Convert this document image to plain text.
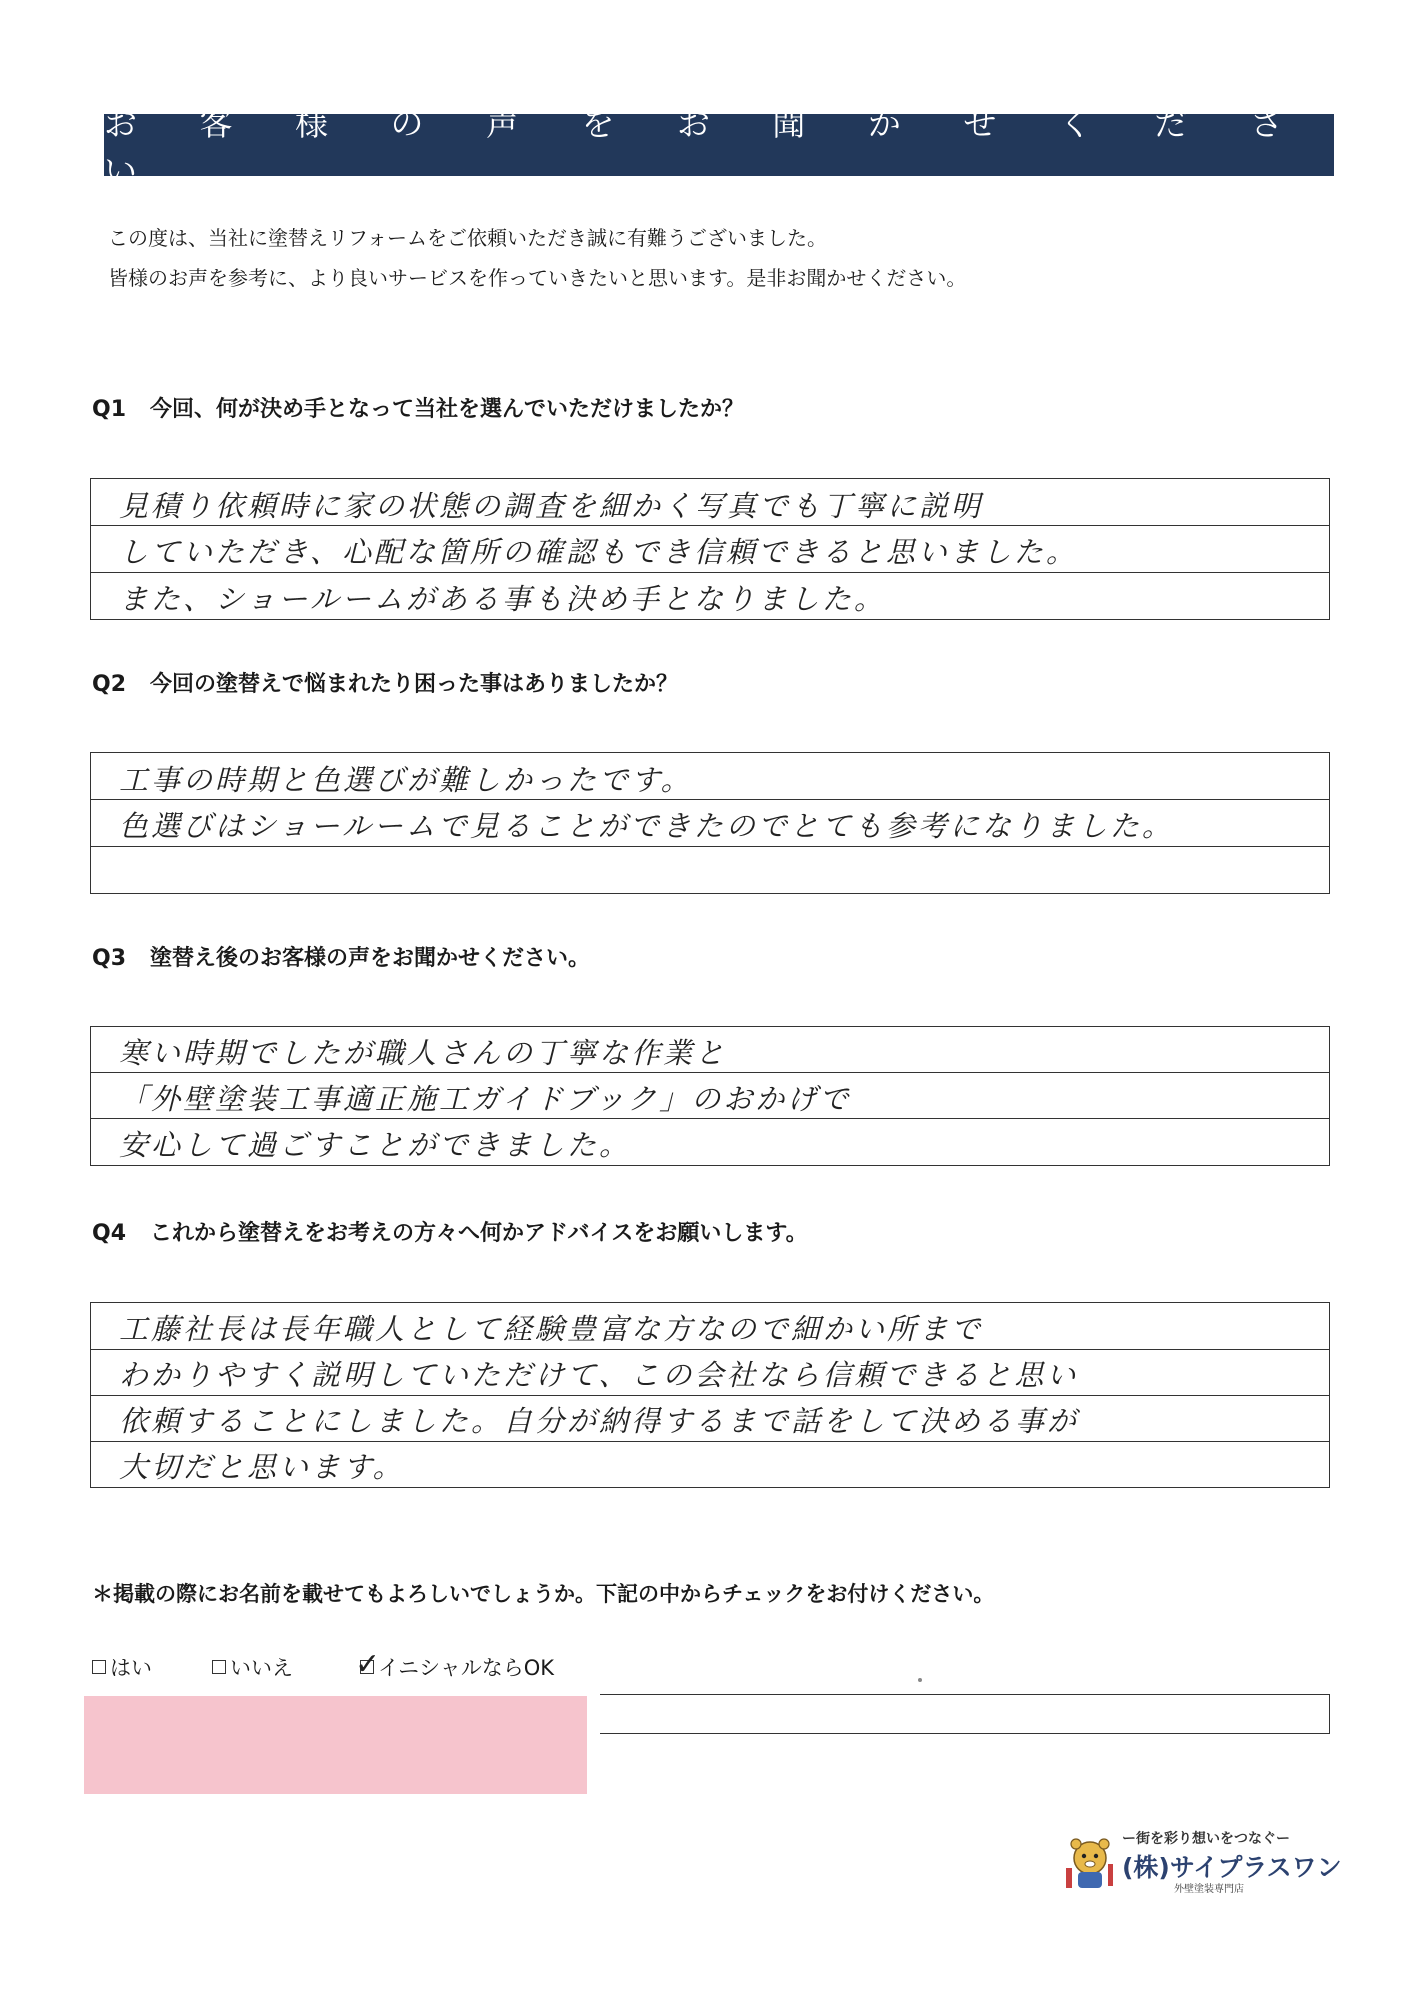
お 客 様 の 声 を お 聞 か せ く だ さ い
この度は、当社に塗替えリフォームをご依頼いただき誠に有難うございました。
皆様のお声を参考に、より良いサービスを作っていきたいと思います。是非お聞かせください。
Q1 今回、何が決め手となって当社を選んでいただけましたか？
見積り依頼時に家の状態の調査を細かく写真でも丁寧に説明
していただき、心配な箇所の確認もでき信頼できると思いました。
また、ショールームがある事も決め手となりました。
Q2 今回の塗替えで悩まれたり困った事はありましたか？
工事の時期と色選びが難しかったです。
色選びはショールームで見ることができたのでとても参考になりました。
Q3 塗替え後のお客様の声をお聞かせください。
寒い時期でしたが職人さんの丁寧な作業と
「外壁塗装工事適正施工ガイドブック」のおかげで
安心して過ごすことができました。
Q4 これから塗替えをお考えの方々へ何かアドバイスをお願いします。
工藤社長は長年職人として経験豊富な方なので細かい所まで
わかりやすく説明していただけて、この会社なら信頼できると思い
依頼することにしました。自分が納得するまで話をして決める事が
大切だと思います。
＊掲載の際にお名前を載せてもよろしいでしょうか。下記の中からチェックをお付けください。
はい	いいえ ✓
イニシャルならOK
ー街を彩り想いをつなぐー
(株)サイプラスワン
外壁塗装専門店
